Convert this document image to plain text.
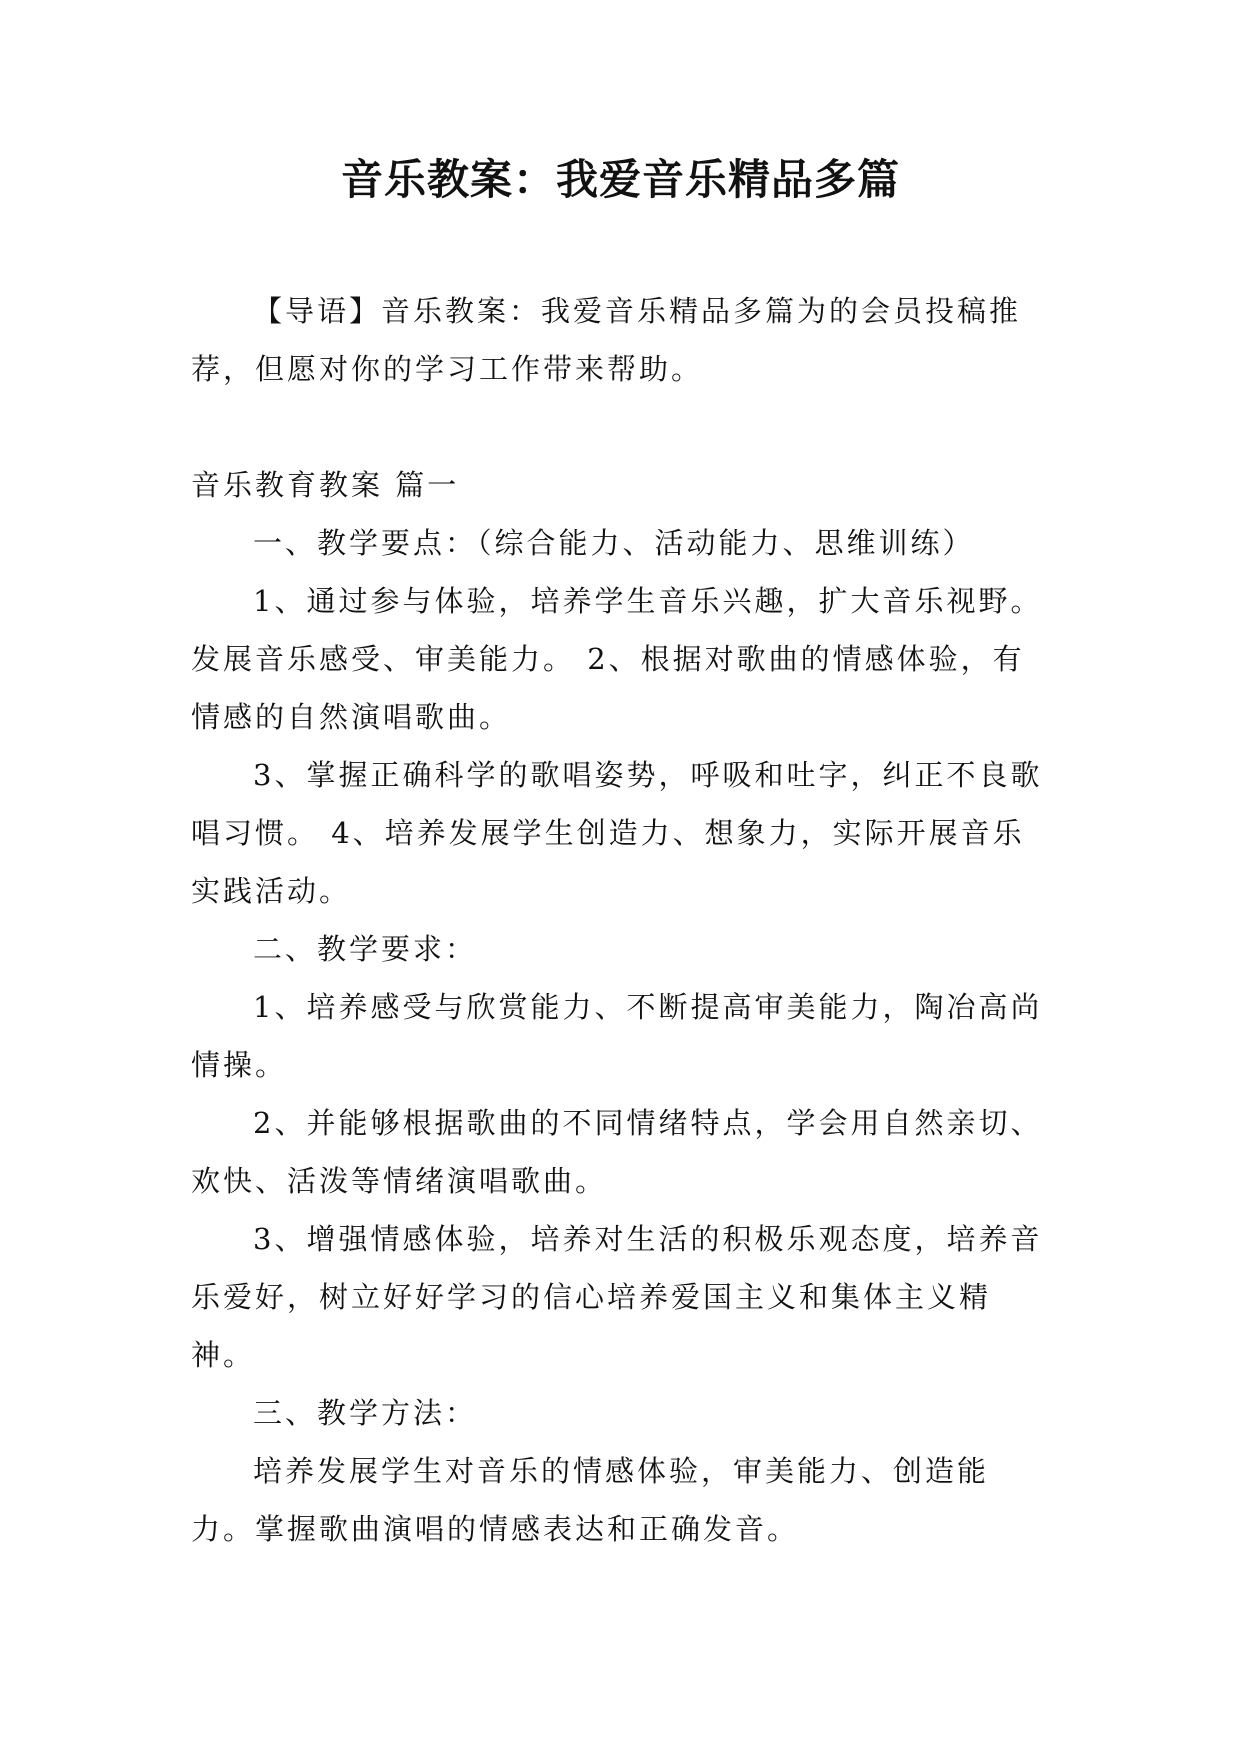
音乐教案：我爱音乐精品多篇

【导语】音乐教案：我爱音乐精品多篇为的会员投稿推荐，但愿对你的学习工作带来帮助。

音乐教育教案 篇一

一、教学要点：（综合能力、活动能力、思维训练）

1、通过参与体验，培养学生音乐兴趣，扩大音乐视野。发展音乐感受、审美能力。 2、根据对歌曲的情感体验，有情感的自然演唱歌曲。

3、掌握正确科学的歌唱姿势，呼吸和吐字，纠正不良歌唱习惯。 4、培养发展学生创造力、想象力，实际开展音乐实践活动。

二、教学要求：

1、培养感受与欣赏能力、不断提高审美能力，陶冶高尚情操。

2、并能够根据歌曲的不同情绪特点，学会用自然亲切、欢快、活泼等情绪演唱歌曲。

3、增强情感体验，培养对生活的积极乐观态度，培养音乐爱好，树立好好学习的信心培养爱国主义和集体主义精神。

三、教学方法：

培养发展学生对音乐的情感体验，审美能力、创造能力。掌握歌曲演唱的情感表达和正确发音。
